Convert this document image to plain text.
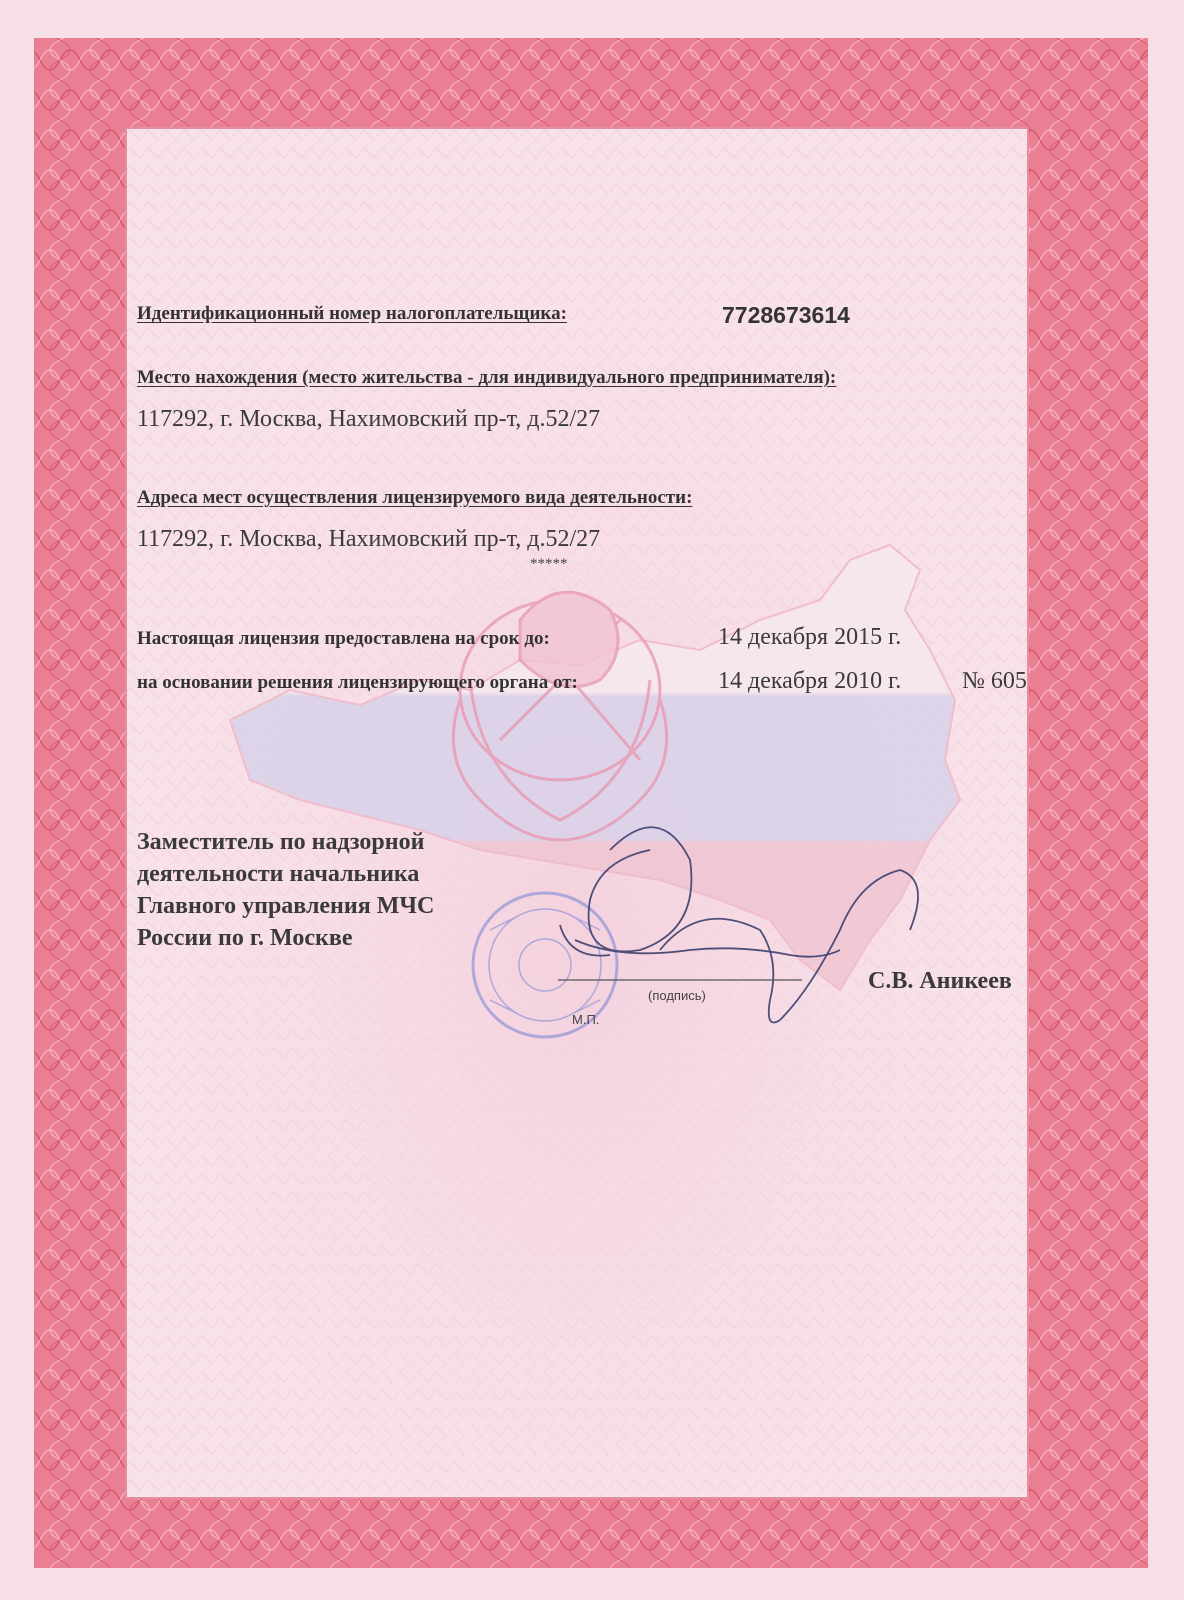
Идентификационный номер налогоплательщика:	7728673614
Место нахождения (место жительства - для индивидуального предпринимателя):
117292, г. Москва, Нахимовский пр-т, д.52/27
Адреса мест осуществления лицензируемого вида деятельности:
117292, г. Москва, Нахимовский пр-т, д.52/27
*****
Настоящая лицензия предоставлена на срок до:	14 декабря 2015 г.
на основании решения лицензирующего органа от:	14 декабря 2010 г.	№ 605
Заместитель по надзорной
деятельности начальника
Главного управления МЧС
России по г. Москве
(подпись)
М.П.
С.В. Аникеев
